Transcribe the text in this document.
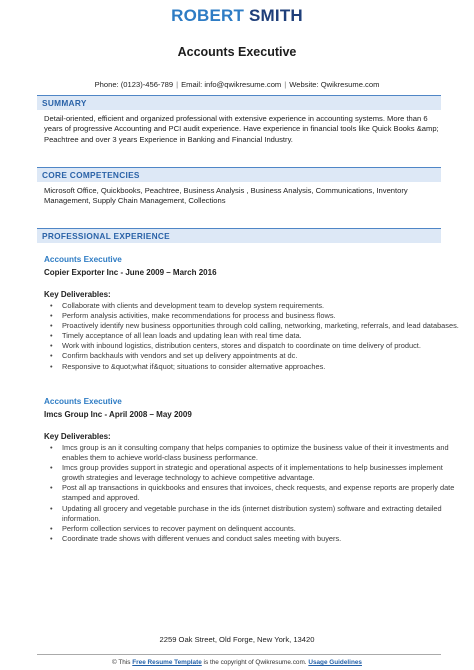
ROBERT SMITH
Accounts Executive
Phone: (0123)-456-789 | Email: info@qwikresume.com | Website: Qwikresume.com
SUMMARY
Detail-oriented, efficient and organized professional with extensive experience in accounting systems. More than 6 years of progressive Accounting and PCI audit experience. Have experience in financial tools like Quick Books &amp; Peachtree and over 3 years Experience in Banking and Financial Industry.
CORE COMPETENCIES
Microsoft Office, Quickbooks, Peachtree, Business Analysis , Business Analysis, Communications, Inventory Management, Supply Chain Management, Collections
PROFESSIONAL EXPERIENCE
Accounts Executive
Copier Exporter Inc - June 2009 – March 2016
Key Deliverables:
• Collaborate with clients and development team to develop system requirements.
• Perform analysis activities, make recommendations for process and business flows.
• Proactively identify new business opportunities through cold calling, networking, marketing, referrals, and lead databases.
• Timely acceptance of all lean loads and updating lean with real time data.
• Work with inbound logistics, distribution centers, stores and dispatch to coordinate on time delivery of product.
• Confirm backhauls with vendors and set up delivery appointments at dc.
• Responsive to &quot;what if&quot; situations to consider alternative approaches.
Accounts Executive
Imcs Group Inc - April 2008 – May 2009
Key Deliverables:
• Imcs group is an it consulting company that helps companies to optimize the business value of their it investments and enables them to achieve world-class business performance.
• Imcs group provides support in strategic and operational aspects of it implementations to help businesses implement growth strategies and leverage technology to achieve competitive advantage.
• Post all ap transactions in quickbooks and ensures that invoices, check requests, and expense reports are properly date stamped and approved.
• Updating all grocery and vegetable purchase in the ids (internet distribution system) software and extracting detailed information.
• Perform collection services to recover payment on delinquent accounts.
• Coordinate trade shows with different venues and conduct sales meeting with buyers.
2259 Oak Street, Old Forge, New York, 13420
© This Free Resume Template is the copyright of Qwikresume.com. Usage Guidelines
